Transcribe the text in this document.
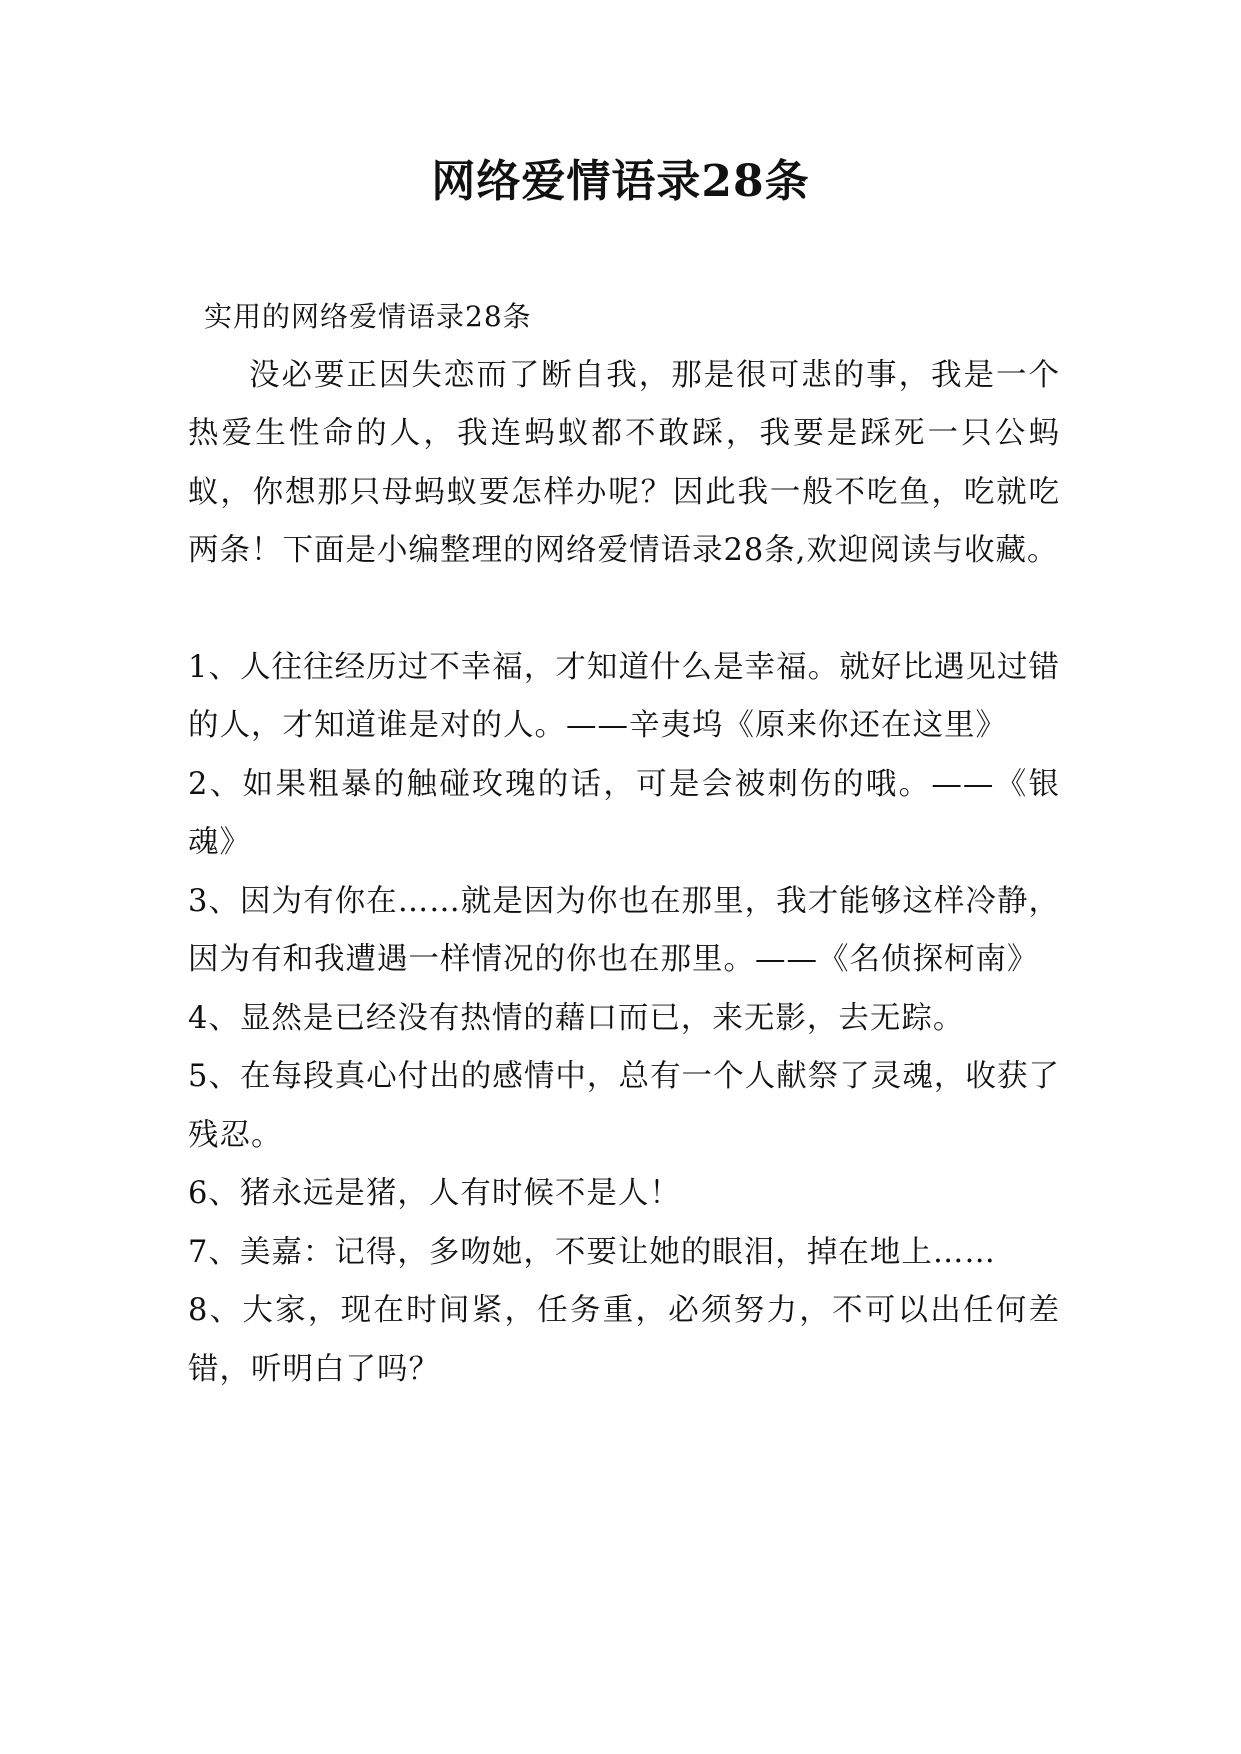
网络爱情语录28条

实用的网络爱情语录28条

没必要正因失恋而了断自我，那是很可悲的事，我是一个热爱生性命的人，我连蚂蚁都不敢踩，我要是踩死一只公蚂蚁，你想那只母蚂蚁要怎样办呢？因此我一般不吃鱼，吃就吃两条！下面是小编整理的网络爱情语录28条,欢迎阅读与收藏。

1、人往往经历过不幸福，才知道什么是幸福。就好比遇见过错的人，才知道谁是对的人。——辛夷坞《原来你还在这里》

2、如果粗暴的触碰玫瑰的话，可是会被刺伤的哦。——《银魂》

3、因为有你在……就是因为你也在那里，我才能够这样冷静，因为有和我遭遇一样情况的你也在那里。——《名侦探柯南》

4、显然是已经没有热情的藉口而已，来无影，去无踪。

5、在每段真心付出的感情中，总有一个人献祭了灵魂，收获了残忍。

6、猪永远是猪，人有时候不是人！

7、美嘉：记得，多吻她，不要让她的眼泪，掉在地上……

8、大家，现在时间紧，任务重，必须努力，不可以出任何差错，听明白了吗？
